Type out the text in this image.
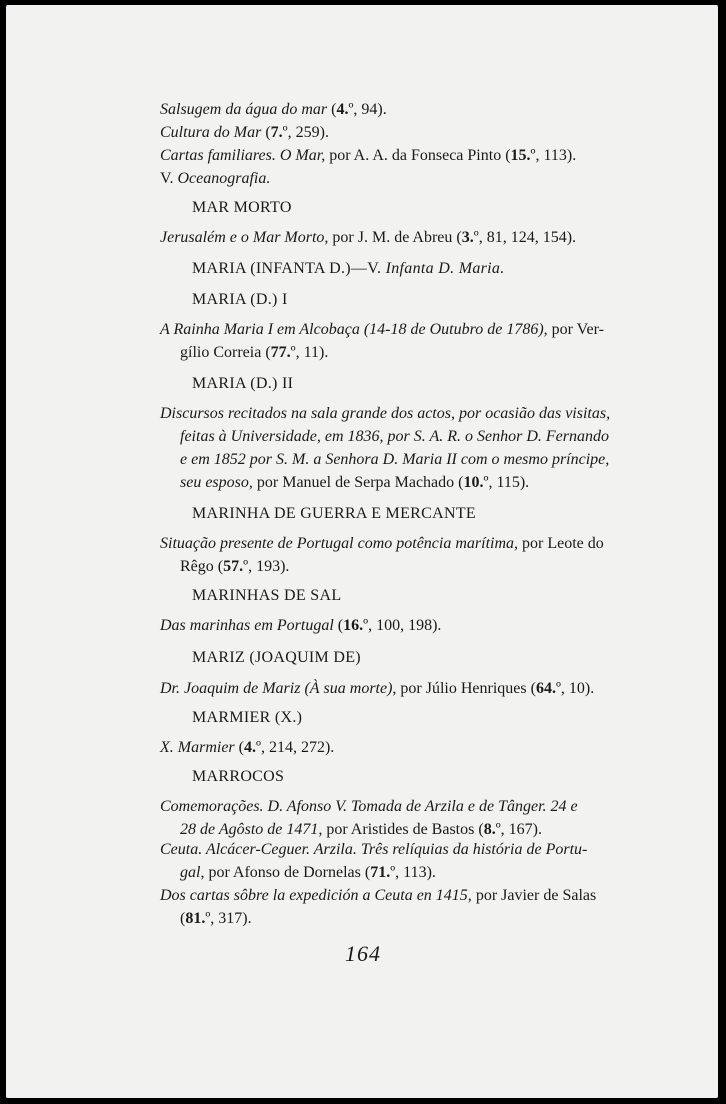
Salsugem da água do mar (4.º, 94).

Cultura do Mar (7.º, 259).

Cartas familiares. O Mar, por A. A. da Fonseca Pinto (15.º, 113).

V. Oceanografia.

MAR MORTO

Jerusalém e o Mar Morto, por J. M. de Abreu (3.º, 81, 124, 154).

MARIA (INFANTA D.)—V. Infanta D. Maria.

MARIA (D.) I

A Rainha Maria I em Alcobaça (14-18 de Outubro de 1786), por Ver-
gílio Correia (77.º, 11).

MARIA (D.) II

Discursos recitados na sala grande dos actos, por ocasião das visitas,
feitas à Universidade, em 1836, por S. A. R. o Senhor D. Fernando
e em 1852 por S. M. a Senhora D. Maria II com o mesmo príncipe,
seu esposo, por Manuel de Serpa Machado (10.º, 115).

MARINHA DE GUERRA E MERCANTE

Situação presente de Portugal como potência marítima, por Leote do
Rêgo (57.º, 193).

MARINHAS DE SAL

Das marinhas em Portugal (16.º, 100, 198).

MARIZ (JOAQUIM DE)

Dr. Joaquim de Mariz (À sua morte), por Júlio Henriques (64.º, 10).

MARMIER (X.)

X. Marmier (4.º, 214, 272).

MARROCOS

Comemorações. D. Afonso V. Tomada de Arzila e de Tânger. 24 e
28 de Agôsto de 1471, por Aristides de Bastos (8.º, 167).

Ceuta. Alcácer-Ceguer. Arzila. Três relíquias da história de Portu-
gal, por Afonso de Dornelas (71.º, 113).

Dos cartas sôbre la expedición a Ceuta en 1415, por Javier de Salas
(81.º, 317).

164
